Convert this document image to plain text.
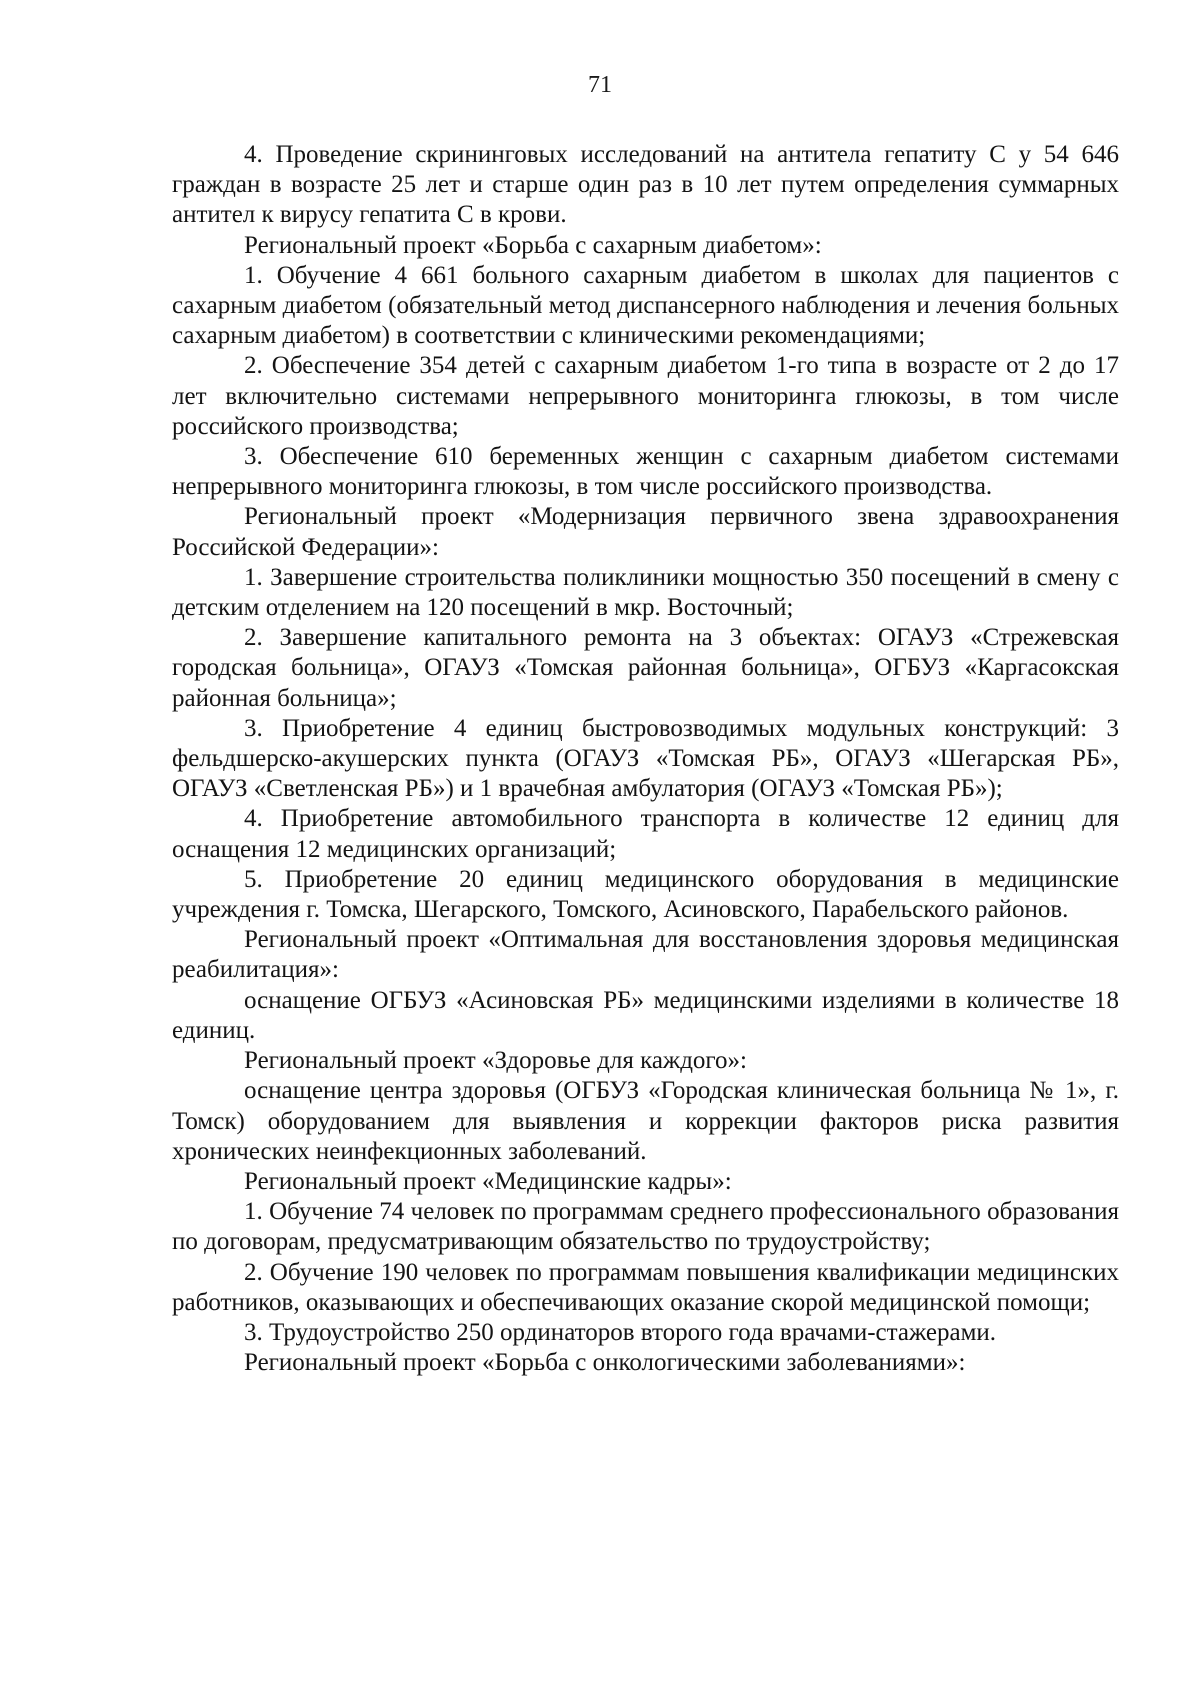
71

4. Проведение скрининговых исследований на антитела гепатиту С у 54 646 граждан в возрасте 25 лет и старше один раз в 10 лет путем определения суммарных антител к вирусу гепатита С в крови.

Региональный проект «Борьба с сахарным диабетом»:

1. Обучение 4 661 больного сахарным диабетом в школах для пациентов с сахарным диабетом (обязательный метод диспансерного наблюдения и лечения больных сахарным диабетом) в соответствии с клиническими рекомендациями;

2. Обеспечение 354 детей с сахарным диабетом 1-го типа в возрасте от 2 до 17 лет включительно системами непрерывного мониторинга глюкозы, в том числе российского производства;

3. Обеспечение 610 беременных женщин с сахарным диабетом системами непрерывного мониторинга глюкозы, в том числе российского производства.

Региональный проект «Модернизация первичного звена здравоохранения Российской Федерации»:

1. Завершение строительства поликлиники мощностью 350 посещений в смену с детским отделением на 120 посещений в мкр. Восточный;

2. Завершение капитального ремонта на 3 объектах: ОГАУЗ «Стрежевская городская больница», ОГАУЗ «Томская районная больница», ОГБУЗ «Каргасокская районная больница»;

3. Приобретение 4 единиц быстровозводимых модульных конструкций: 3 фельдшерско-акушерских пункта (ОГАУЗ «Томская РБ», ОГАУЗ «Шегарская РБ», ОГАУЗ «Светленская РБ») и 1 врачебная амбулатория (ОГАУЗ «Томская РБ»);

4. Приобретение автомобильного транспорта в количестве 12 единиц для оснащения 12 медицинских организаций;

5. Приобретение 20 единиц медицинского оборудования в медицинские учреждения г. Томска, Шегарского, Томского, Асиновского, Парабельского районов.

Региональный проект «Оптимальная для восстановления здоровья медицинская реабилитация»:

оснащение ОГБУЗ «Асиновская РБ» медицинскими изделиями в количестве 18 единиц.

Региональный проект «Здоровье для каждого»:

оснащение центра здоровья (ОГБУЗ «Городская клиническая больница № 1», г. Томск) оборудованием для выявления и коррекции факторов риска развития хронических неинфекционных заболеваний.

Региональный проект «Медицинские кадры»:

1. Обучение 74 человек по программам среднего профессионального образования по договорам, предусматривающим обязательство по трудоустройству;

2. Обучение 190 человек по программам повышения квалификации медицинских работников, оказывающих и обеспечивающих оказание скорой медицинской помощи;

3. Трудоустройство 250 ординаторов второго года врачами-стажерами.

Региональный проект «Борьба с онкологическими заболеваниями»:
